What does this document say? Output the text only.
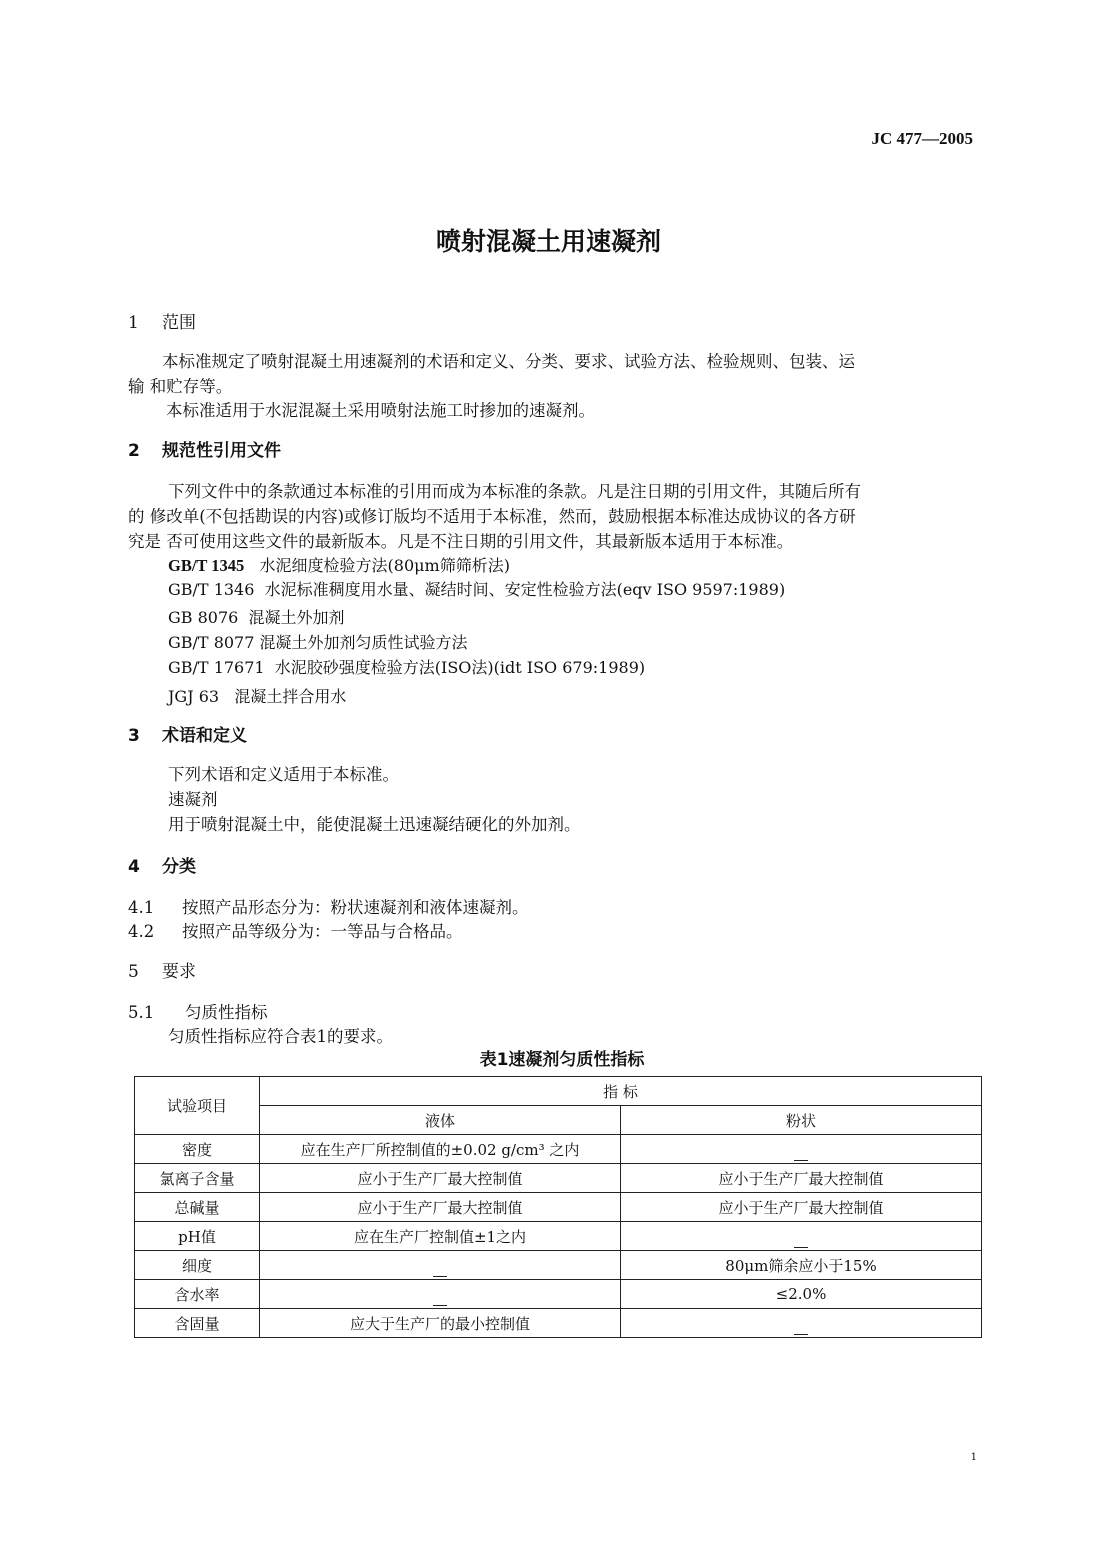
JC 477—2005
喷射混凝土用速凝剂
1 范围
本标准规定了喷射混凝土用速凝剂的术语和定义、分类、要求、试验方法、检验规则、包装、运
输 和贮存等。
本标准适用于水泥混凝土采用喷射法施工时掺加的速凝剂。
2 规范性引用文件
下列文件中的条款通过本标准的引用而成为本标准的条款。凡是注日期的引用文件，其随后所有
的 修改单(不包括勘误的内容)或修订版均不适用于本标准，然而，鼓励根据本标准达成协议的各方研
究是 否可使用这些文件的最新版本。凡是不注日期的引用文件，其最新版本适用于本标准。
GB/T 1345 水泥细度检验方法(80μm筛筛析法)
GB/T 1346 水泥标准稠度用水量、凝结时间、安定性检验方法(eqv ISO 9597:1989)
GB 8076 混凝土外加剂
GB/T 8077 混凝土外加剂匀质性试验方法
GB/T 17671 水泥胶砂强度检验方法(ISO法)(idt ISO 679:1989)
JGJ 63 混凝土拌合用水
3 术语和定义
下列术语和定义适用于本标准。
速凝剂
用于喷射混凝土中，能使混凝土迅速凝结硬化的外加剂。
4 分类
4.1 按照产品形态分为：粉状速凝剂和液体速凝剂。
4.2 按照产品等级分为：一等品与合格品。
5 要求
5.1 匀质性指标
匀质性指标应符合表1的要求。
表1速凝剂匀质性指标
试验项目	指 标	
	液体	粉状
密度	应在生产厂所控制值的±0.02 g/cm³ 之内	
氯离子含量	应小于生产厂最大控制值	应小于生产厂最大控制值
总碱量	应小于生产厂最大控制值	应小于生产厂最大控制值
pH值	应在生产厂控制值±1之内	
细度		80μm筛余应小于15%
含水率		≤2.0%
含固量	应大于生产厂的最小控制值	
1
